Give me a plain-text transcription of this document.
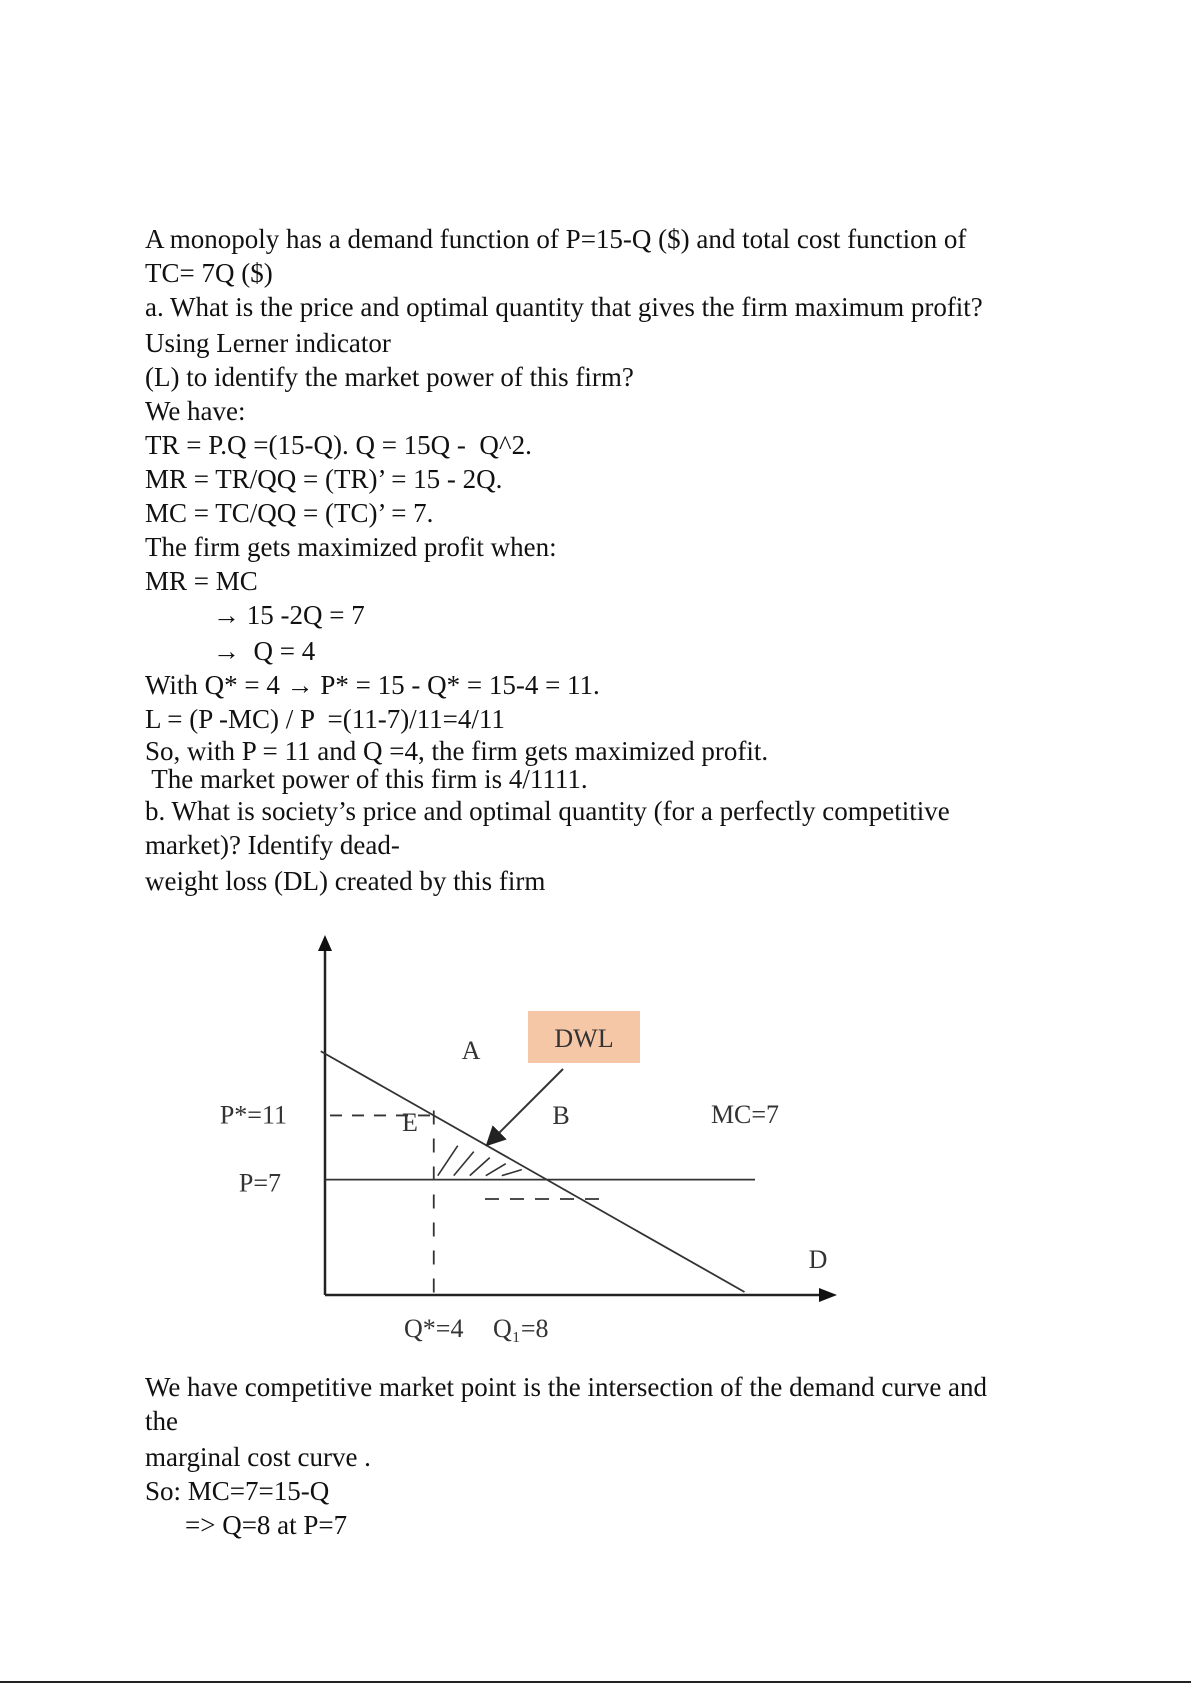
A monopoly has a demand function of P=15-Q ($) and total cost function of

TC= 7Q ($)

a. What is the price and optimal quantity that gives the firm maximum profit?

Using Lerner indicator

(L) to identify the market power of this firm?

We have:

TR = P.Q =(15-Q). Q = 15Q -  Q^2.

MR = TR/QQ = (TR)’ = 15 - 2Q.

MC = TC/QQ = (TC)’ = 7.

The firm gets maximized profit when:

MR = MC

→ 15 -2Q = 7

→  Q = 4

With Q* = 4 → P* = 15 - Q* = 15-4 = 11.

L = (P -MC) / P  =(11-7)/11=4/11

So, with P = 11 and Q =4, the firm gets maximized profit.

The market power of this firm is 4/1111.

b. What is society’s price and optimal quantity (for a perfectly competitive

market)? Identify dead-

weight loss (DL) created by this firm

DWL
A
B
E	MC=7
D
P*=11
P=7
Q*=4 Q₁=8

We have competitive market point is the intersection of the demand curve and

the

marginal cost curve .

So: MC=7=15-Q

=> Q=8 at P=7
